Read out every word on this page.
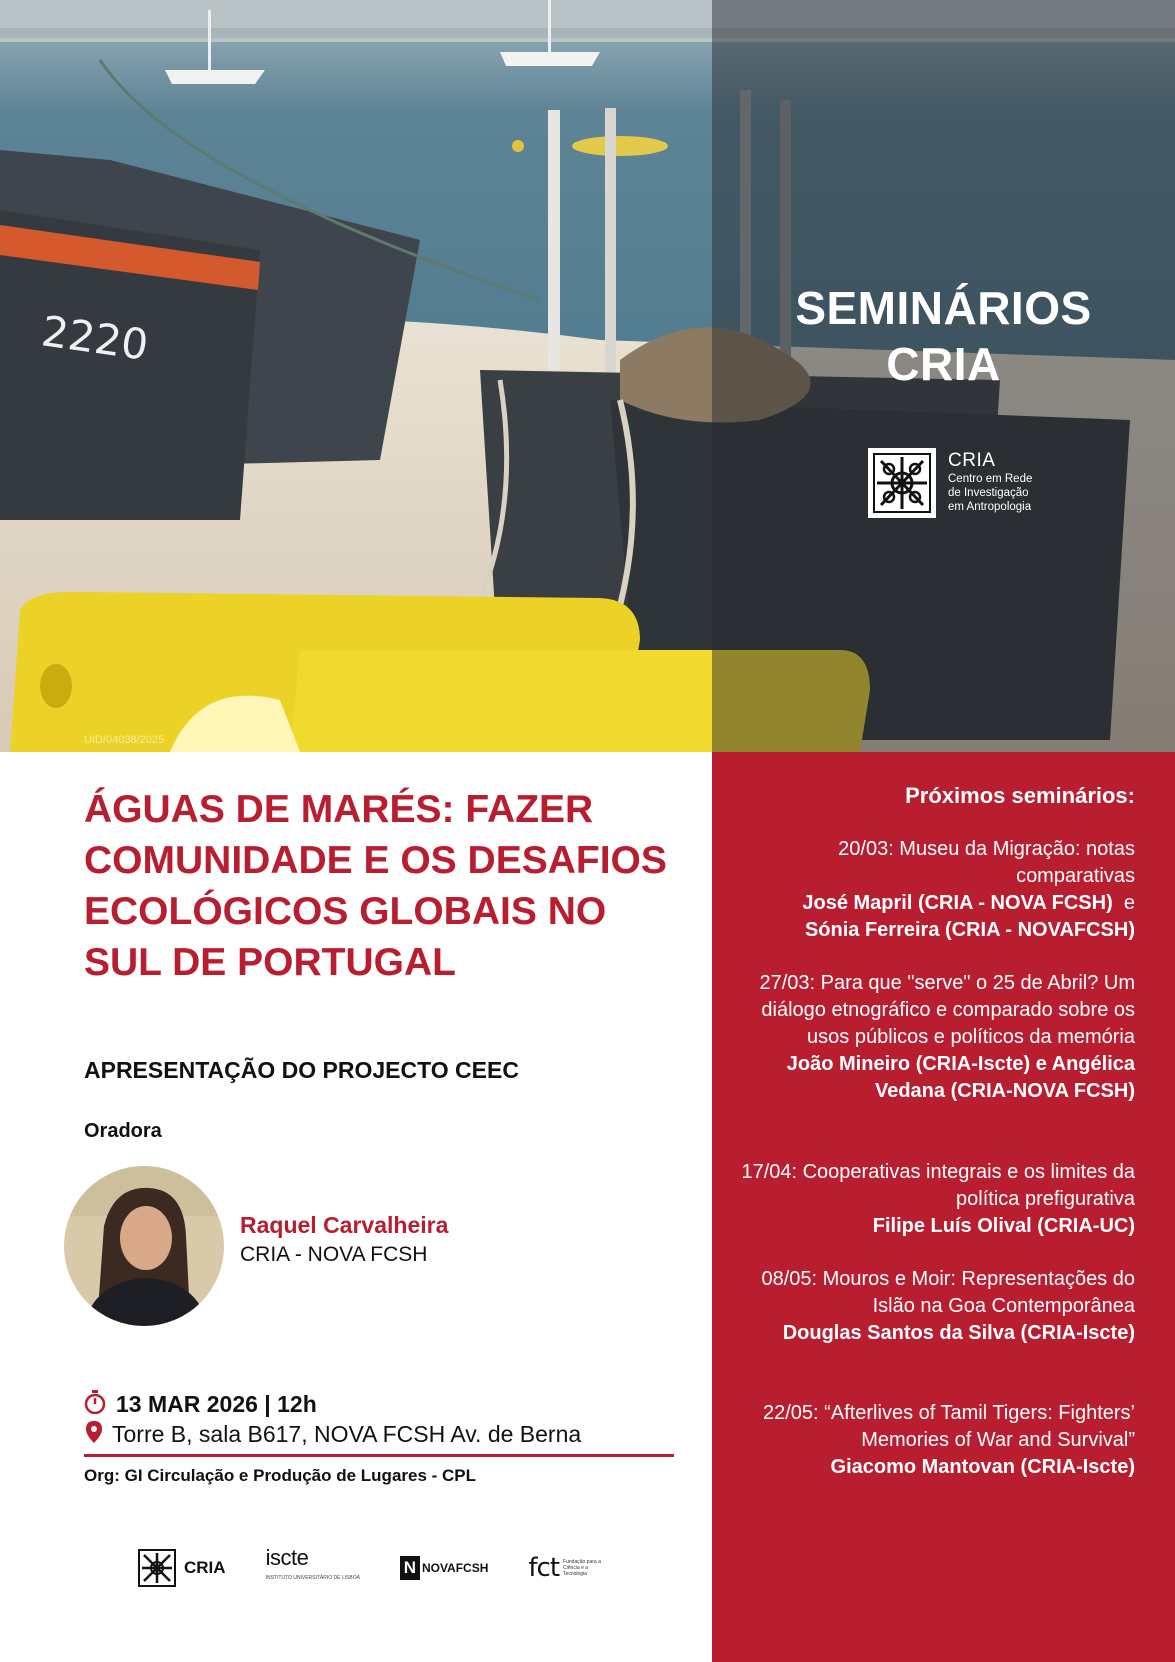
2220
UID/04038/2025
SEMINÁRIOS
CRIA
CRIA
Centro em Rede
de Investigação
em Antropologia
Próximos seminários:
20/03: Museu da Migração: notas comparativas
José Mapril (CRIA - NOVA FCSH) e
Sónia Ferreira (CRIA - NOVAFCSH)
27/03: Para que "serve" o 25 de Abril? Um diálogo etnográfico e comparado sobre os usos públicos e políticos da memória
João Mineiro (CRIA-Iscte) e Angélica Vedana (CRIA-NOVA FCSH)
17/04: Cooperativas integrais e os limites da política prefigurativa
Filipe Luís Olival (CRIA-UC)
08/05: Mouros e Moir: Representações do Islão na Goa Contemporânea
Douglas Santos da Silva (CRIA-Iscte)
22/05: “Afterlives of Tamil Tigers: Fighters’ Memories of War and Survival”
Giacomo Mantovan (CRIA-Iscte)
ÁGUAS DE MARÉS: FAZER COMUNIDADE E OS DESAFIOS ECOLÓGICOS GLOBAIS NO SUL DE PORTUGAL
APRESENTAÇÃO DO PROJECTO CEEC
Oradora
Raquel Carvalheira
CRIA - NOVA FCSH
13 MAR 2026 | 12h
Torre B, sala B617, NOVA FCSH Av. de Berna
Org: GI Circulação e Produção de Lugares - CPL
CRIA iscte
INSTITUTO UNIVERSITÁRIO DE LISBOA
N NOVAFCSH fct Fundação para a Ciência e a Tecnologia
